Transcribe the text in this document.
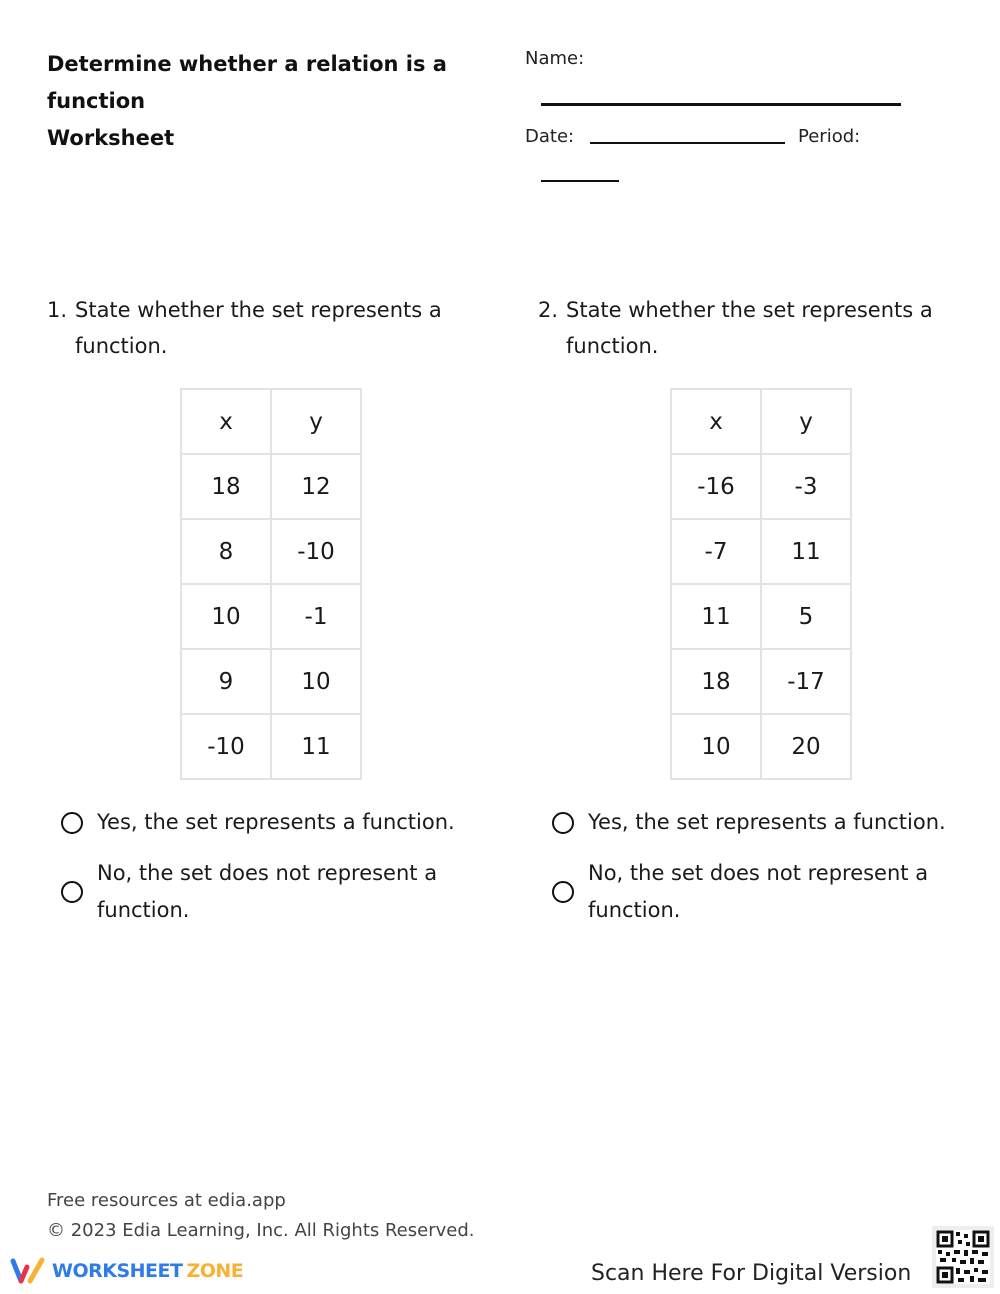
Determine whether a relation is a
function
Worksheet
Name:
Date:	Period:
1. State whether the set represents a function.
x	y
18	12
8	-10
10	-1
9	10
-10	11
Yes, the set represents a function.
No, the set does not represent a function.
2. State whether the set represents a function.
x	y
-16	-3
-7	11
11	5
18	-17
10	20
Yes, the set represents a function.
No, the set does not represent a function.
Free resources at edia.app
© 2023 Edia Learning, Inc. All Rights Reserved.
WORKSHEET ZONE	Scan Here For Digital Version
